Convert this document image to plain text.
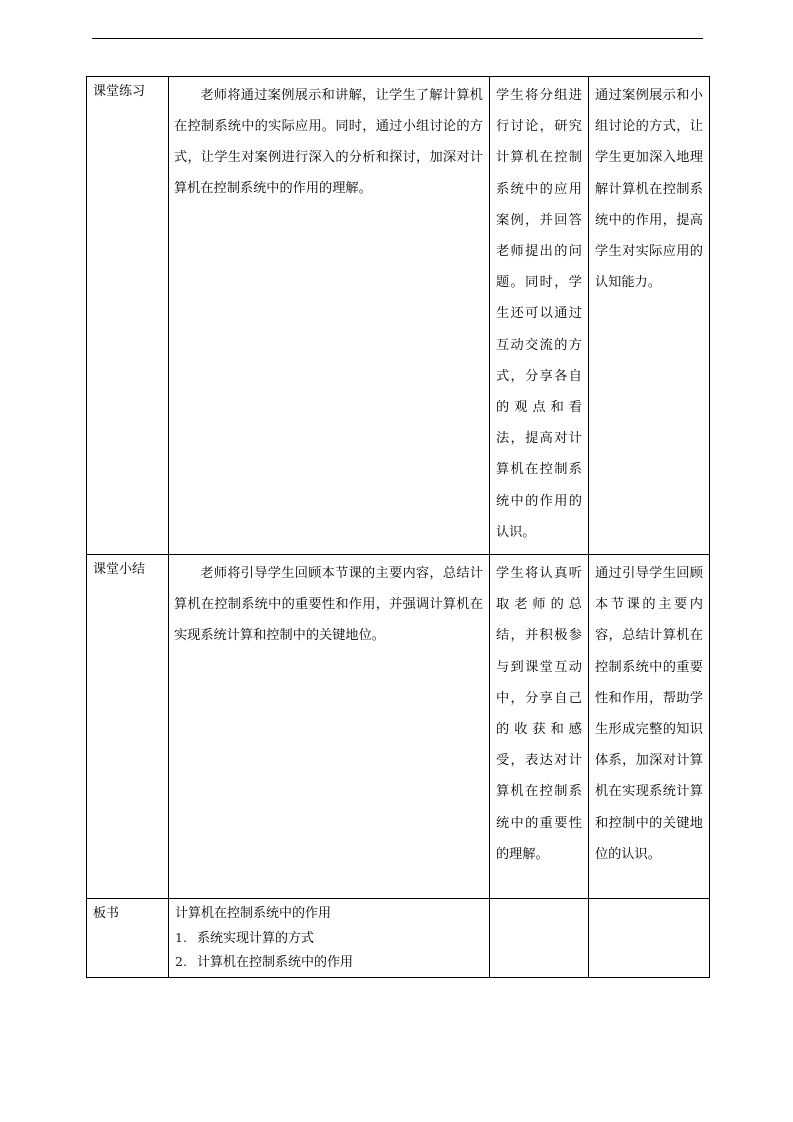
课堂练习	老师将通过案例展示和讲解，让学生了解计算机在控制系统中的实际应用。同时，通过小组讨论的方式，让学生对案例进行深入的分析和探讨，加深对计算机在控制系统中的作用的理解。	学生将分组进行讨论，研究计算机在控制系统中的应用案例，并回答老师提出的问题。同时，学生还可以通过互动交流的方式，分享各自的观点和看法，提高对计算机在控制系统中的作用的认识。	通过案例展示和小组讨论的方式，让学生更加深入地理解计算机在控制系统中的作用，提高学生对实际应用的认知能力。

课堂小结	老师将引导学生回顾本节课的主要内容，总结计算机在控制系统中的重要性和作用，并强调计算机在实现系统计算和控制中的关键地位。	学生将认真听取老师的总结，并积极参与到课堂互动中，分享自己的收获和感受，表达对计算机在控制系统中的重要性的理解。	通过引导学生回顾本节课的主要内容，总结计算机在控制系统中的重要性和作用，帮助学生形成完整的知识体系，加深对计算机在实现系统计算和控制中的关键地位的认识。

板书	计算机在控制系统中的作用
1. 系统实现计算的方式
2. 计算机在控制系统中的作用		
